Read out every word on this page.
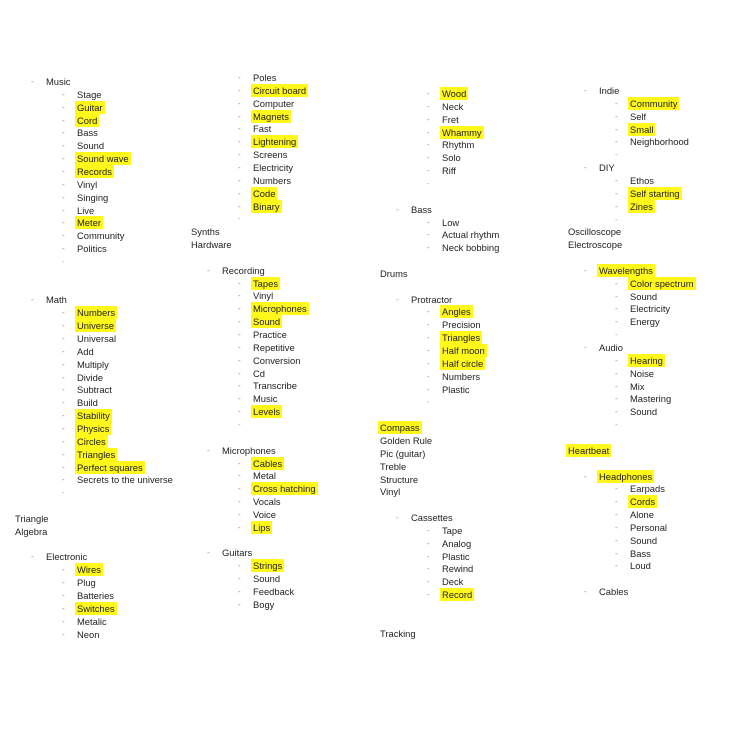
- Music
- Stage
- Guitar
- Cord
- Bass
- Sound
- Sound wave
- Records
- Vinyl
- Singing
- Live
- Meter
- Community
- Politics
-
- Math
- Numbers
- Universe
- Universal
- Add
- Multiply
- Divide
- Subtract
- Build
- Stability
- Physics
- Circles
- Triangles
- Perfect squares
- Secrets to the universe
-
Triangle
Algebra
- Electronic
- Wires
- Plug
- Batteries
- Switches
- Metalic
- Neon
- Poles
- Circuit board
- Computer
- Magnets
- Fast
- Lightening
- Screens
- Electricity
- Numbers
- Code
- Binary
-
Synths
Hardware
- Recording
- Tapes
- Vinyl
- Microphones
- Sound
- Practice
- Repetitive
- Conversion
- Cd
- Transcribe
- Music
- Levels
-
- Microphones
- Cables
- Metal
- Cross hatching
- Vocals
- Voice
- Lips
- Guitars
- Strings
- Sound
- Feedback
- Bogy
- Wood
- Neck
- Fret
- Whammy
- Rhythm
- Solo
- Riff
-
- Bass
- Low
- Actual rhythm
- Neck bobbing
Drums
- Protractor
- Angles
- Precision
- Triangles
- Half moon
- Half circle
- Numbers
- Plastic
-
Compass
Golden Rule
Pic (guitar)
Treble
Structure
Vinyl
- Cassettes
- Tape
- Analog
- Plastic
- Rewind
- Deck
- Record
Tracking
- Indie
- Community
- Self
- Small
- Neighborhood
-
- DIY
- Ethos
- Self starting
- Zines
-
Oscilloscope
Electroscope
- Wavelengths
- Color spectrum
- Sound
- Electricity
- Energy
-
- Audio
- Hearing
- Noise
- Mix
- Mastering
- Sound
-
Heartbeat
- Headphones
- Earpads
- Cords
- Alone
- Personal
- Sound
- Bass
- Loud
- Cables
